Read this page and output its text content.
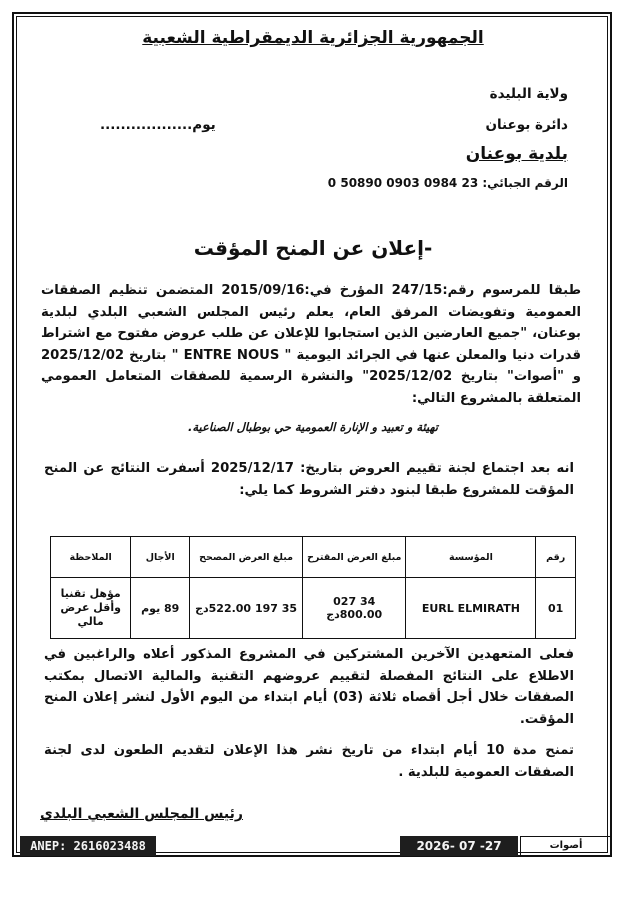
الجمهورية الجزائرية الديمقراطية الشعبية
ولاية البليدة
دائرة بوعنان
بلدية بوعنان
الرقم الجبائي: 23 0984 0903 50890 0
يوم..................
-إعلان عن المنح المؤقت
طبقا للمرسوم رقم:247/15 المؤرخ في:2015/09/16 المتضمن تنظيم الصفقات العمومية وتفويضات المرفق العام، يعلم رئيس المجلس الشعبي البلدي لبلدية بوعنان، "جميع العارضين الذين استجابوا للإعلان عن طلب عروض مفتوح مع اشتراط قدرات دنيا والمعلن عنها في الجرائد اليومية " ENTRE NOUS " بتاريخ 2025/12/02 و "أصوات" بتاريخ 2025/12/02" والنشرة الرسمية للصفقات المتعامل العمومي المتعلقة بالمشروع التالي:
تهيئة و تعبيد و الإنارة العمومية حي بوطبال الصناعية.
انه بعد اجتماع لجنة تقييم العروض بتاريخ: 2025/12/17 أسفرت النتائج عن المنح المؤقت للمشروع طبقا لبنود دفتر الشروط كما يلي:
رقم	المؤسسة	مبلغ العرض المقترح	مبلغ العرض المصحح	الأجال	الملاحظة
01	EURL ELMIRATH	34 027 800.00دج	35 197 522.00دج	89 يوم	مؤهل تقنيا وأقل عرض مالي
فعلى المتعهدين الآخرين المشتركين في المشروع المذكور أعلاه والراغبين في الاطلاع على النتائج المفصلة لتقييم عروضهم التقنية والمالية الاتصال بمكتب الصفقات خلال أجل أقصاه ثلاثة (03) أيام ابتداء من اليوم الأول لنشر إعلان المنح المؤقت.
تمنح مدة 10 أيام ابتداء من تاريخ نشر هذا الإعلان لتقديم الطعون لدى لجنة الصفقات العمومية للبلدية .
رئيس المجلس الشعبي البلدي
ANEP: 2616023488	2026- 07 -27	أصوات
